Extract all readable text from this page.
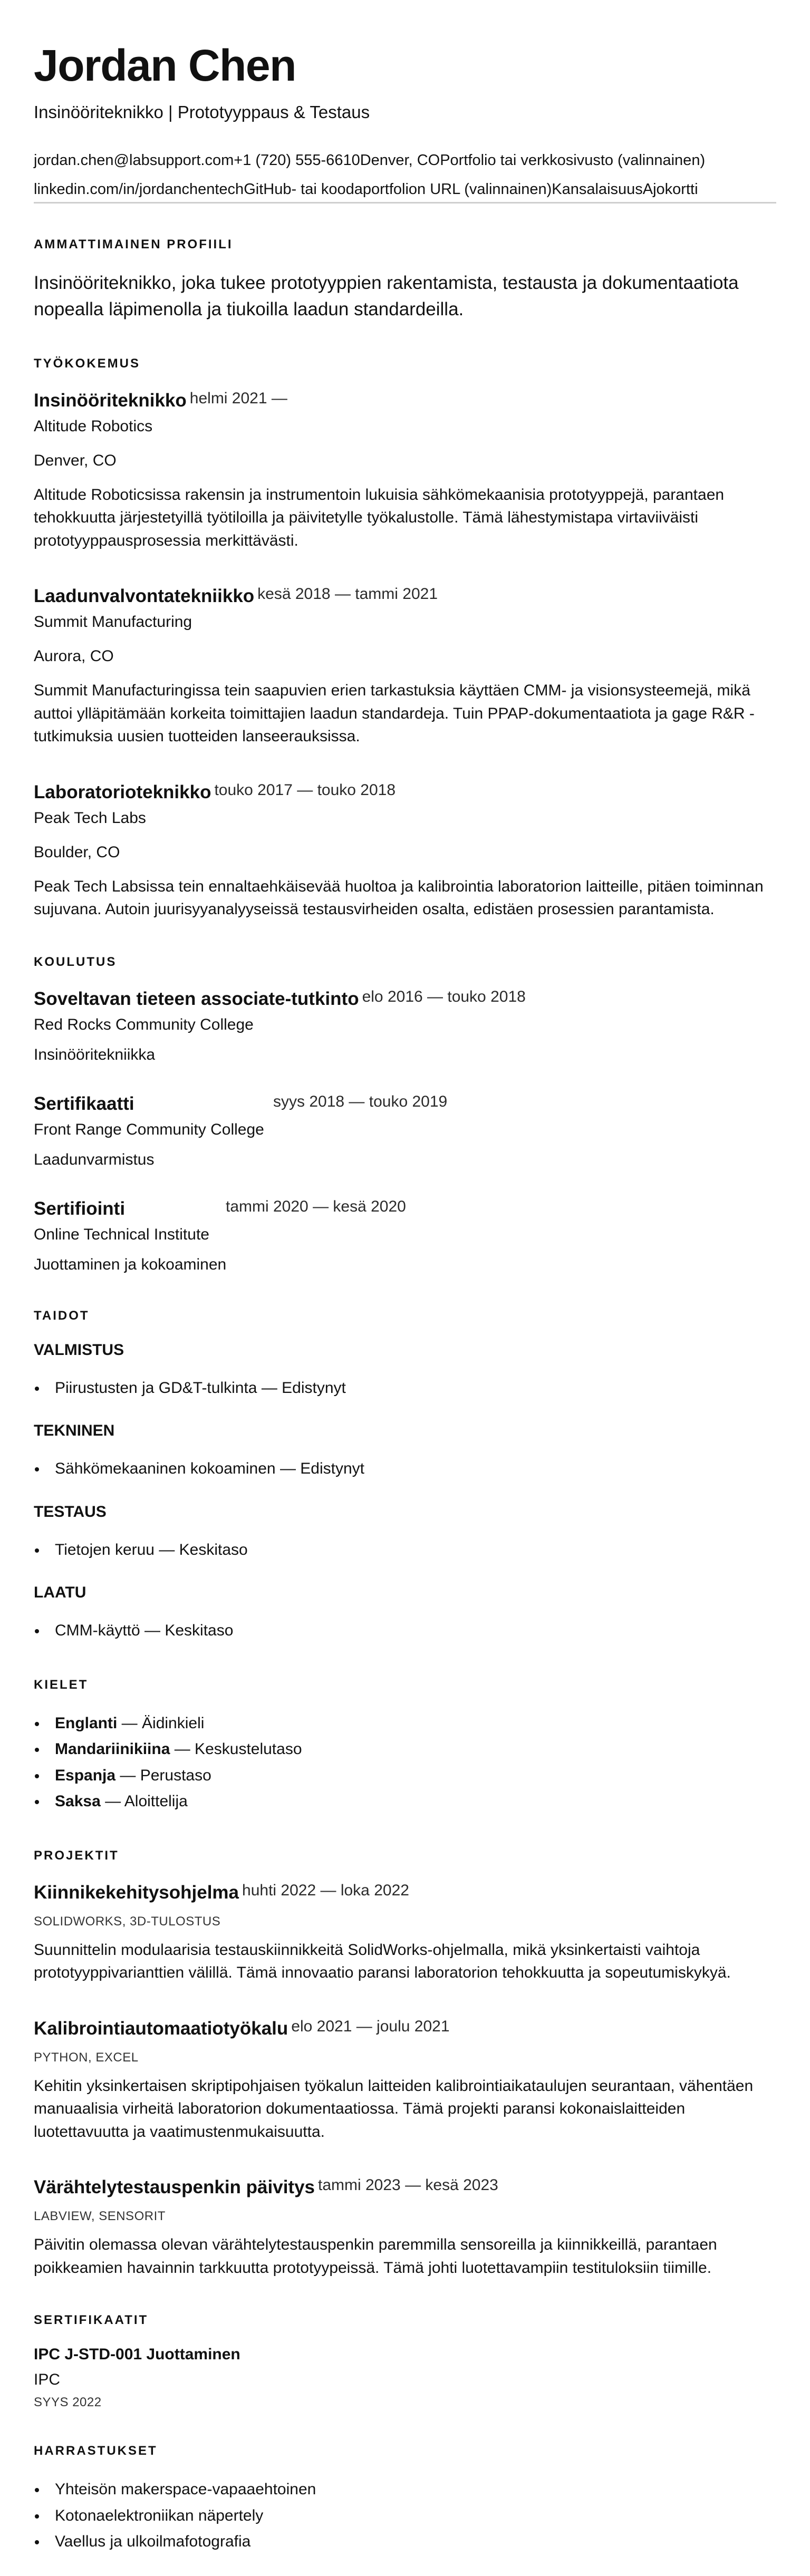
Jordan Chen
Insinööriteknikko | Prototyyppaus & Testaus
jordan.chen@labsupport.com+1 (720) 555-6610Denver, COPortfolio tai verkkosivusto (valinnainen)
linkedin.com/in/jordanchentechGitHub- tai koodaportfolion URL (valinnainen)KansalaisuusAjokortti
AMMATTIMAINEN PROFIILI

Insinööriteknikko, joka tukee prototyyppien rakentamista, testausta ja dokumentaatiota nopealla läpimenolla ja tiukoilla laadun standardeilla.

TYÖKOKEMUS
Insinööriteknikko helmi 2021 —
Altitude Robotics
Denver, CO
Altitude Roboticsissa rakensin ja instrumentoin lukuisia sähkömekaanisia prototyyppejä, parantaen tehokkuutta järjestetyillä työtiloilla ja päivitetylle työkalustolle. Tämä lähestymistapa virtaviiväisti prototyyppausprosessia merkittävästi.
Laadunvalvontatekniikko kesä 2018 — tammi 2021
Summit Manufacturing
Aurora, CO
Summit Manufacturingissa tein saapuvien erien tarkastuksia käyttäen CMM- ja visionsysteemejä, mikä auttoi ylläpitämään korkeita toimittajien laadun standardeja. Tuin PPAP-dokumentaatiota ja gage R&R -tutkimuksia uusien tuotteiden lanseerauksissa.
Laboratorioteknikko touko 2017 — touko 2018
Peak Tech Labs
Boulder, CO
Peak Tech Labsissa tein ennaltaehkäisevää huoltoa ja kalibrointia laboratorion laitteille, pitäen toiminnan sujuvana. Autoin juurisyyanalyyseissä testausvirheiden osalta, edistäen prosessien parantamista.
KOULUTUS
Soveltavan tieteen associate-tutkinto elo 2016 — touko 2018
Red Rocks Community College
Insinööritekniikka
Sertifikaatti	syys 2018 — touko 2019
Front Range Community College
Laadunvarmistus
Sertifiointi	tammi 2020 — kesä 2020
Online Technical Institute
Juottaminen ja kokoaminen
TAIDOT
VALMISTUS
Piirustusten ja GD&T-tulkinta — Edistynyt
TEKNINEN
Sähkömekaaninen kokoaminen — Edistynyt
TESTAUS
Tietojen keruu — Keskitaso
LAATU
CMM-käyttö — Keskitaso
KIELET
Englanti — Äidinkieli
Mandariinikiina — Keskustelutaso
Espanja — Perustaso
Saksa — Aloittelija
PROJEKTIT
Kiinnikekehitysohjelma huhti 2022 — loka 2022
SOLIDWORKS, 3D-TULOSTUS
Suunnittelin modulaarisia testauskiinnikkeitä SolidWorks-ohjelmalla, mikä yksinkertaisti vaihtoja prototyyppivarianttien välillä. Tämä innovaatio paransi laboratorion tehokkuutta ja sopeutumiskykyä.
Kalibrointiautomaatiotyökalu elo 2021 — joulu 2021
PYTHON, EXCEL
Kehitin yksinkertaisen skriptipohjaisen työkalun laitteiden kalibrointiaikataulujen seurantaan, vähentäen manuaalisia virheitä laboratorion dokumentaatiossa. Tämä projekti paransi kokonaislaitteiden luotettavuutta ja vaatimustenmukaisuutta.
Värähtelytestauspenkin päivitys tammi 2023 — kesä 2023
LABVIEW, SENSORIT
Päivitin olemassa olevan värähtelytestauspenkin paremmilla sensoreilla ja kiinnikkeillä, parantaen poikkeamien havainnin tarkkuutta prototyypeissä. Tämä johti luotettavampiin testituloksiin tiimille.
SERTIFIKAATIT
IPC J-STD-001 Juottaminen
IPC
SYYS 2022
HARRASTUKSET
Yhteisön makerspace-vapaaehtoinen
Kotonaelektroniikan näpertely
Vaellus ja ulkoilmafotografia
